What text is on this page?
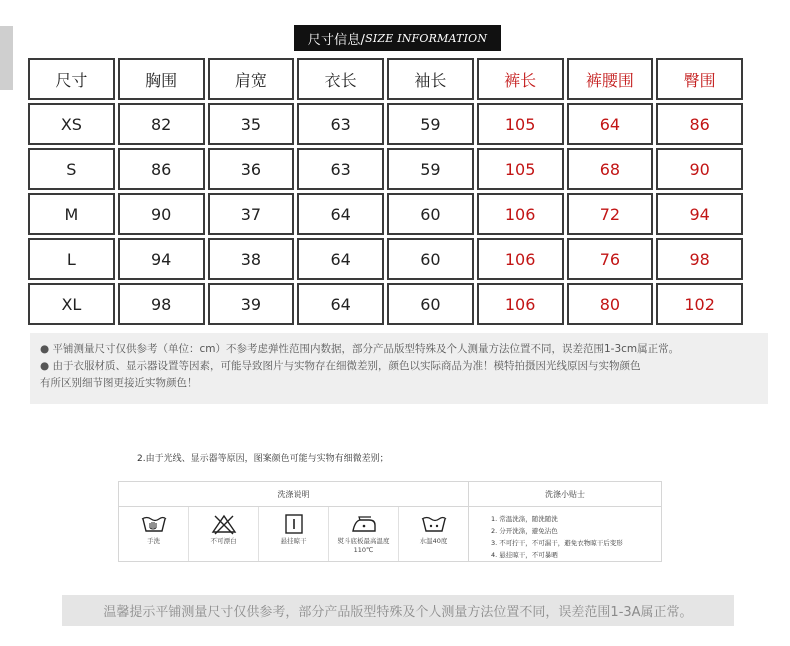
尺寸信息/ SIZE INFORMATION
尺寸	胸围	肩宽	衣长	袖长	裤长	裤腰围	臀围
XS	82	35	63	59	105	64	86
S	86	36	63	59	105	68	90
M	90	37	64	60	106	72	94
L	94	38	64	60	106	76	98
XL	98	39	64	60	106	80	102
● 平铺测量尺寸仅供参考（单位：cm）不参考虑弹性范围内数据，部分产品版型特殊及个人测量方法位置不同，误差范围1-3cm属正常。
● 由于衣服材质、显示器设置等因素，可能导致图片与实物存在细微差别，颜色以实际商品为准！模特拍摄因光线原因与实物颜色
有所区别细节图更接近实物颜色！
2.由于光线、显示器等原因，图案颜色可能与实物有细微差别；
洗涤说明
手洗	不可漂白	悬挂晾干	熨斗底板最高温度110℃
水温40度
洗涤小贴士
1. 常温洗涤，随洗随洗
2. 分开洗涤，避免沾色
3. 不可拧干，不可漏干，避免衣物晾干后变形
4. 悬挂晾干，不可暴晒
温馨提示平铺测量尺寸仅供参考，部分产品版型特殊及个人测量方法位置不同，误差范围1-3A属正常。
